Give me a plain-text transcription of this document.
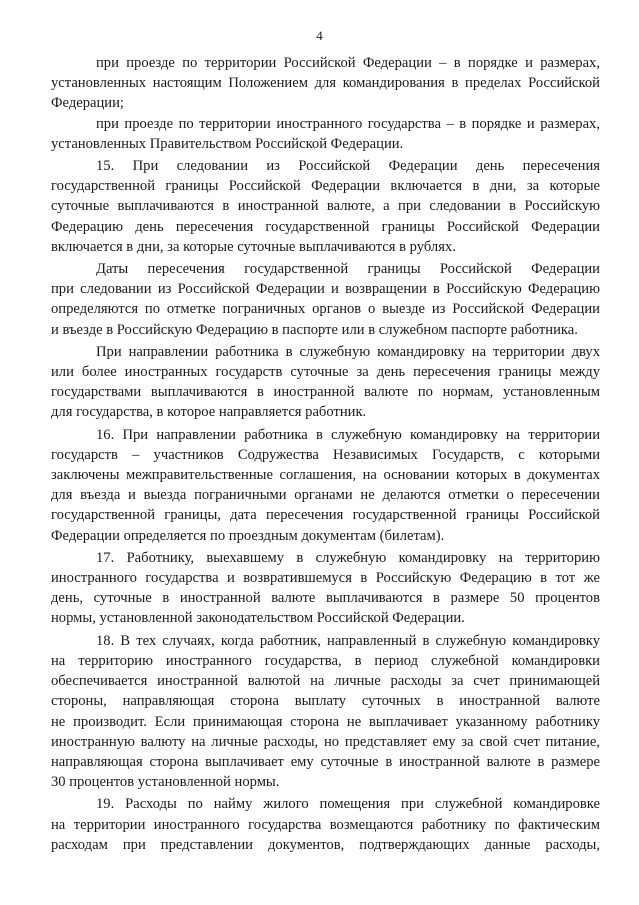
4
при проезде по территории Российской Федерации – в порядке и размерах,
установленных настоящим Положением для командирования в пределах Российской
Федерации;
при проезде по территории иностранного государства – в порядке и размерах,
установленных Правительством Российской Федерации.
15. При следовании из Российской Федерации день пересечения
государственной границы Российской Федерации включается в дни, за которые
суточные выплачиваются в иностранной валюте, а при следовании в Российскую
Федерацию день пересечения государственной границы Российской Федерации
включается в дни, за которые суточные выплачиваются в рублях.
Даты пересечения государственной границы Российской Федерации
при следовании из Российской Федерации и возвращении в Российскую Федерацию
определяются по отметке пограничных органов о выезде из Российской Федерации
и въезде в Российскую Федерацию в паспорте или в служебном паспорте работника.
При направлении работника в служебную командировку на территории двух
или более иностранных государств суточные за день пересечения границы между
государствами выплачиваются в иностранной валюте по нормам, установленным
для государства, в которое направляется работник.
16. При направлении работника в служебную командировку на территории
государств – участников Содружества Независимых Государств, с которыми
заключены межправительственные соглашения, на основании которых в документах
для въезда и выезда пограничными органами не делаются отметки о пересечении
государственной границы, дата пересечения государственной границы Российской
Федерации определяется по проездным документам (билетам).
17. Работнику, выехавшему в служебную командировку на территорию
иностранного государства и возвратившемуся в Российскую Федерацию в тот же
день, суточные в иностранной валюте выплачиваются в размере 50 процентов
нормы, установленной законодательством Российской Федерации.
18. В тех случаях, когда работник, направленный в служебную командировку
на территорию иностранного государства, в период служебной командировки
обеспечивается иностранной валютой на личные расходы за счет принимающей
стороны, направляющая сторона выплату суточных в иностранной валюте
не производит. Если принимающая сторона не выплачивает указанному работнику
иностранную валюту на личные расходы, но представляет ему за свой счет питание,
направляющая сторона выплачивает ему суточные в иностранной валюте в размере
30 процентов установленной нормы.
19. Расходы по найму жилого помещения при служебной командировке
на территории иностранного государства возмещаются работнику по фактическим
расходам при представлении документов, подтверждающих данные расходы,
